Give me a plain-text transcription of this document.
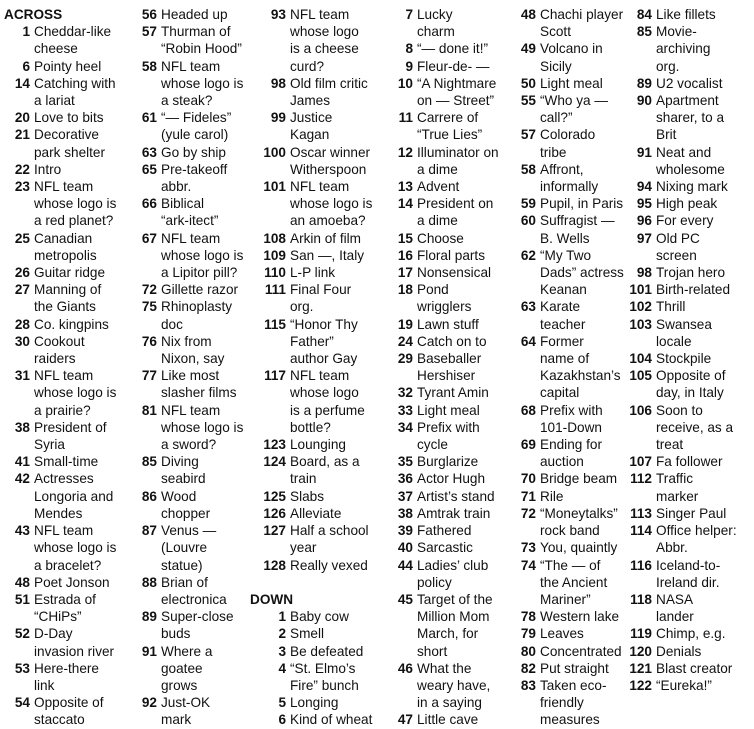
ACROSS
1 Cheddar-like
cheese
6 Pointy heel
14 Catching with
a lariat
20 Love to bits
21 Decorative
park shelter
22 Intro
23 NFL team
whose logo is
a red planet?
25 Canadian
metropolis
26 Guitar ridge
27 Manning of
the Giants
28 Co. kingpins
30 Cookout
raiders
31 NFL team
whose logo is
a prairie?
38 President of
Syria
41 Small-time
42 Actresses
Longoria and
Mendes
43 NFL team
whose logo is
a bracelet?
48 Poet Jonson
51 Estrada of
“CHiPs”
52 D-Day
invasion river
53 Here-there
link
54 Opposite of
staccato
56 Headed up
57 Thurman of
“Robin Hood”
58 NFL team
whose logo is
a steak?
61 “— Fideles”
(yule carol)
63 Go by ship
65 Pre-takeoff
abbr.
66 Biblical
“ark-itect”
67 NFL team
whose logo is
a Lipitor pill?
72 Gillette razor
75 Rhinoplasty
doc
76 Nix from
Nixon, say
77 Like most
slasher films
81 NFL team
whose logo is
a sword?
85 Diving
seabird
86 Wood
chopper
87 Venus —
(Louvre
statue)
88 Brian of
electronica
89 Super-close
buds
91 Where a
goatee
grows
92 Just-OK
mark
93 NFL team
whose logo
is a cheese
curd?
98 Old film critic
James
99 Justice
Kagan
100 Oscar winner
Witherspoon
101 NFL team
whose logo is
an amoeba?
108 Arkin of film
109 San —, Italy
110 L-P link
111 Final Four
org.
115 “Honor Thy
Father”
author Gay
117 NFL team
whose logo
is a perfume
bottle?
123 Lounging
124 Board, as a
train
125 Slabs
126 Alleviate
127 Half a school
year
128 Really vexed
DOWN
1 Baby cow
2 Smell
3 Be defeated
4 “St. Elmo’s
Fire” bunch
5 Longing
6 Kind of wheat
7 Lucky
charm
8 “— done it!”
9 Fleur-de- —
10 “A Nightmare
on — Street”
11 Carrere of
“True Lies”
12 Illuminator on
a dime
13 Advent
14 President on
a dime
15 Choose
16 Floral parts
17 Nonsensical
18 Pond
wrigglers
19 Lawn stuff
24 Catch on to
29 Baseballer
Hershiser
32 Tyrant Amin
33 Light meal
34 Prefix with
cycle
35 Burglarize
36 Actor Hugh
37 Artist’s stand
38 Amtrak train
39 Fathered
40 Sarcastic
44 Ladies’ club
policy
45 Target of the
Million Mom
March, for
short
46 What the
weary have,
in a saying
47 Little cave
48 Chachi player
Scott
49 Volcano in
Sicily
50 Light meal
55 “Who ya —
call?”
57 Colorado
tribe
58 Affront,
informally
59 Pupil, in Paris
60 Suffragist —
B. Wells
62 “My Two
Dads” actress
Keanan
63 Karate
teacher
64 Former
name of
Kazakhstan’s
capital
68 Prefix with
101-Down
69 Ending for
auction
70 Bridge beam
71 Rile
72 “Moneytalks”
rock band
73 You, quaintly
74 “The — of
the Ancient
Mariner”
78 Western lake
79 Leaves
80 Concentrated
82 Put straight
83 Taken eco-
friendly
measures
84 Like fillets
85 Movie-
archiving
org.
89 U2 vocalist
90 Apartment
sharer, to a
Brit
91 Neat and
wholesome
94 Nixing mark
95 High peak
96 For every
97 Old PC
screen
98 Trojan hero
101 Birth-related
102 Thrill
103 Swansea
locale
104 Stockpile
105 Opposite of
day, in Italy
106 Soon to
receive, as a
treat
107 Fa follower
112 Traffic
marker
113 Singer Paul
114 Office helper:
Abbr.
116 Iceland-to-
Ireland dir.
118 NASA
lander
119 Chimp, e.g.
120 Denials
121 Blast creator
122 “Eureka!”
